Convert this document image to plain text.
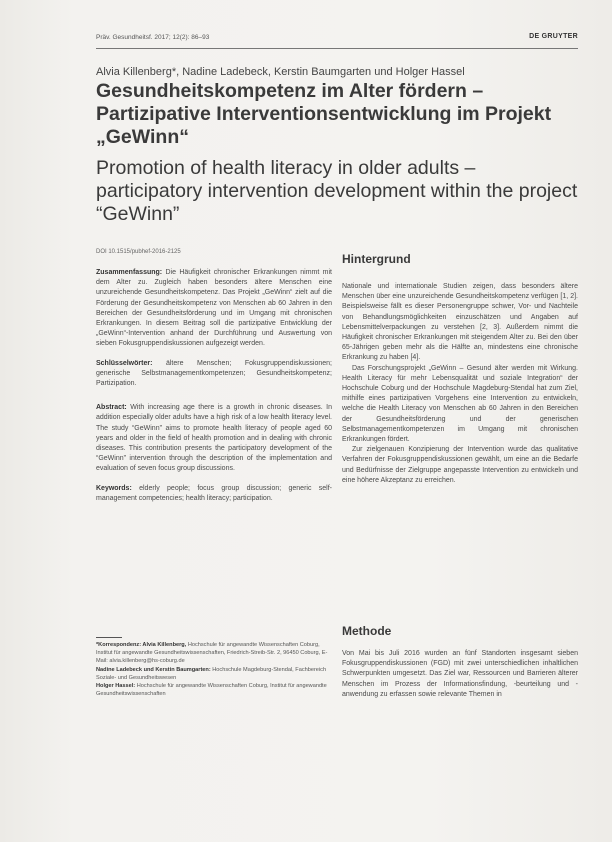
Präv. Gesundheitsf. 2017; 12(2): 86–93	DE GRUYTER
Alvia Killenberg*, Nadine Ladebeck, Kerstin Baumgarten und Holger Hassel
Gesundheitskompetenz im Alter fördern – Partizipative Interventionsentwicklung im Projekt „GeWinn“
Promotion of health literacy in older adults – participatory intervention development within the project “GeWinn”
DOI 10.1515/pubhef-2016-2125

Zusammenfassung: Die Häufigkeit chronischer Erkrankungen nimmt mit dem Alter zu. Zugleich haben besonders ältere Menschen eine unzureichende Gesundheitskompetenz. Das Projekt „GeWinn“ zielt auf die Förderung der Gesundheitskompetenz von Menschen ab 60 Jahren in den Bereichen der Gesundheitsförderung und im Umgang mit chronischen Erkrankungen. In diesem Beitrag soll die partizipative Entwicklung der „GeWinn“-Intervention anhand der Durchführung und Auswertung von sieben Fokusgruppendiskussionen aufgezeigt werden.

Schlüsselwörter: ältere Menschen; Fokusgruppendiskussionen; generische Selbstmanagementkompetenzen; Gesundheitskompetenz; Partizipation.

Abstract: With increasing age there is a growth in chronic diseases. In addition especially older adults have a high risk of a low health literacy level. The study “GeWinn” aims to promote health literacy of people aged 60 years and older in the field of health promotion and in dealing with chronic diseases. This contribution presents the participatory development of the “GeWinn” intervention through the description of the implementation and evaluation of seven focus group discussions.

Keywords: elderly people; focus group discussion; generic self-management competencies; health literacy; participation.

*Korrespondenz: Alvia Killenberg, Hochschule für angewandte Wissenschaften Coburg, Institut für angewandte Gesundheitswissenschaften, Friedrich-Streib-Str. 2, 96450 Coburg, E-Mail: alvia.killenberg@hs-coburg.de

Nadine Ladebeck und Kerstin Baumgarten: Hochschule Magdeburg-Stendal, Fachbereich Soziale- und Gesundheitswesen

Holger Hassel: Hochschule für angewandte Wissenschaften Coburg, Institut für angewandte Gesundheitswissenschaften

Hintergrund

Nationale und internationale Studien zeigen, dass besonders ältere Menschen über eine unzureichende Gesundheitskompetenz verfügen [1, 2]. Beispielsweise fällt es dieser Personengruppe schwer, Vor- und Nachteile von Behandlungsmöglichkeiten einzuschätzen und Angaben auf Lebensmittelverpackungen zu verstehen [2, 3]. Außerdem nimmt die Häufigkeit chronischer Erkrankungen mit steigendem Alter zu. Bei den über 65-Jährigen geben mehr als die Hälfte an, mindestens eine chronische Erkrankung zu haben [4].

Das Forschungsprojekt „GeWinn – Gesund älter werden mit Wirkung. Health Literacy für mehr Lebensqualität und soziale Integration“ der Hochschule Coburg und der Hochschule Magdeburg-Stendal hat zum Ziel, mithilfe eines partizipativen Vorgehens eine Intervention zu entwickeln, welche die Health Literacy von Menschen ab 60 Jahren in den Bereichen der Gesundheitsförderung und der generischen Selbstmanagementkompetenzen im Umgang mit chronischen Erkrankungen fördert.

Zur zielgenauen Konzipierung der Intervention wurde das qualitative Verfahren der Fokusgruppendiskussionen gewählt, um eine an die Bedarfe und Bedürfnisse der Zielgruppe angepasste Intervention zu entwickeln und eine höhere Akzeptanz zu erreichen.

Methode

Von Mai bis Juli 2016 wurden an fünf Standorten insgesamt sieben Fokusgruppendiskussionen (FGD) mit zwei unterschiedlichen inhaltlichen Schwerpunkten umgesetzt. Das Ziel war, Ressourcen und Barrieren älterer Menschen im Prozess der Informationsfindung, -beurteilung und -anwendung zu erfassen sowie relevante Themen in
